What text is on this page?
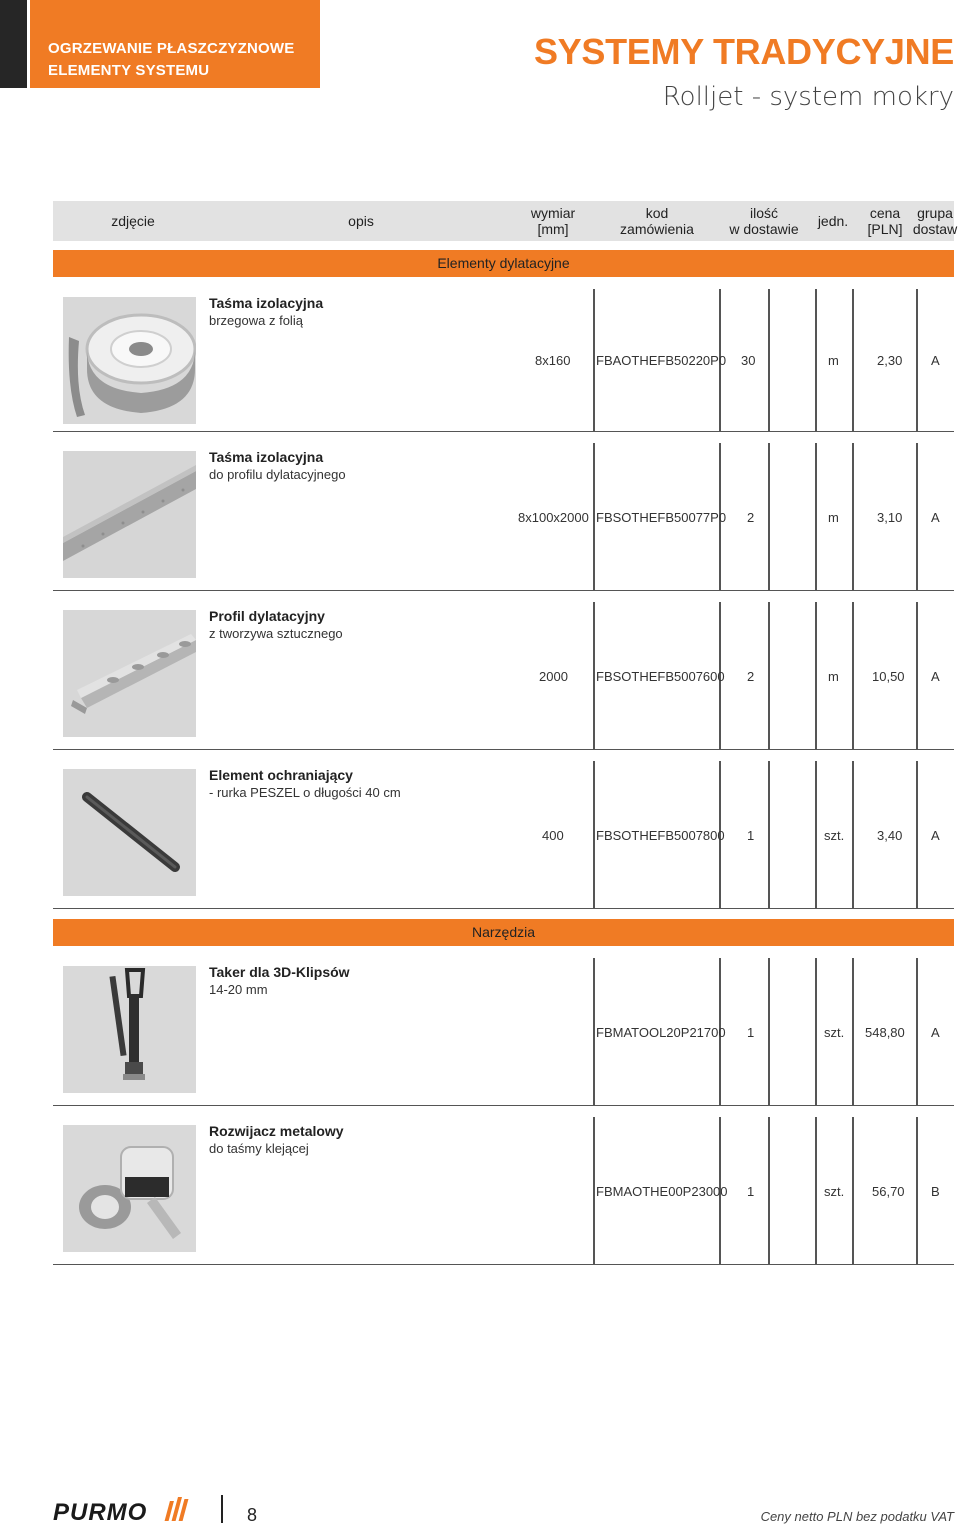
OGRZEWANIE PŁASZCZYZNOWE
ELEMENTY SYSTEMU	SYSTEMY TRADYCYJNE
Rolljet - system mokry
zdjęcie	opis	wymiar
[mm]
kod
zamówienia
ilość
w dostawie jedn. cena
[PLN]
grupa
dostaw
Elementy dylatacyjne
Taśma izolacyjna
brzegowa z folią
8x160 FBAOTHEFB50220P0 30	m	2,30 A
Taśma izolacyjna
do profilu dylatacyjnego
8x100x2000 FBSOTHEFB50077P0 2	m	3,10 A
Profil dylatacyjny
z tworzywa sztucznego
2000 FBSOTHEFB5007600 2	m	10,50 A
Element ochraniający
- rurka PESZEL o długości 40 cm
400 FBSOTHEFB5007800 1	szt.	3,40 A
Narzędzia
Taker dla 3D-Klipsów
14-20 mm
FBMATOOL20P21700 1	szt. 548,80 A
Rozwijacz metalowy
do taśmy klejącej
FBMAOTHE00P23000 1	szt. 56,70 B
PURMO	8	Ceny netto PLN bez podatku VAT
